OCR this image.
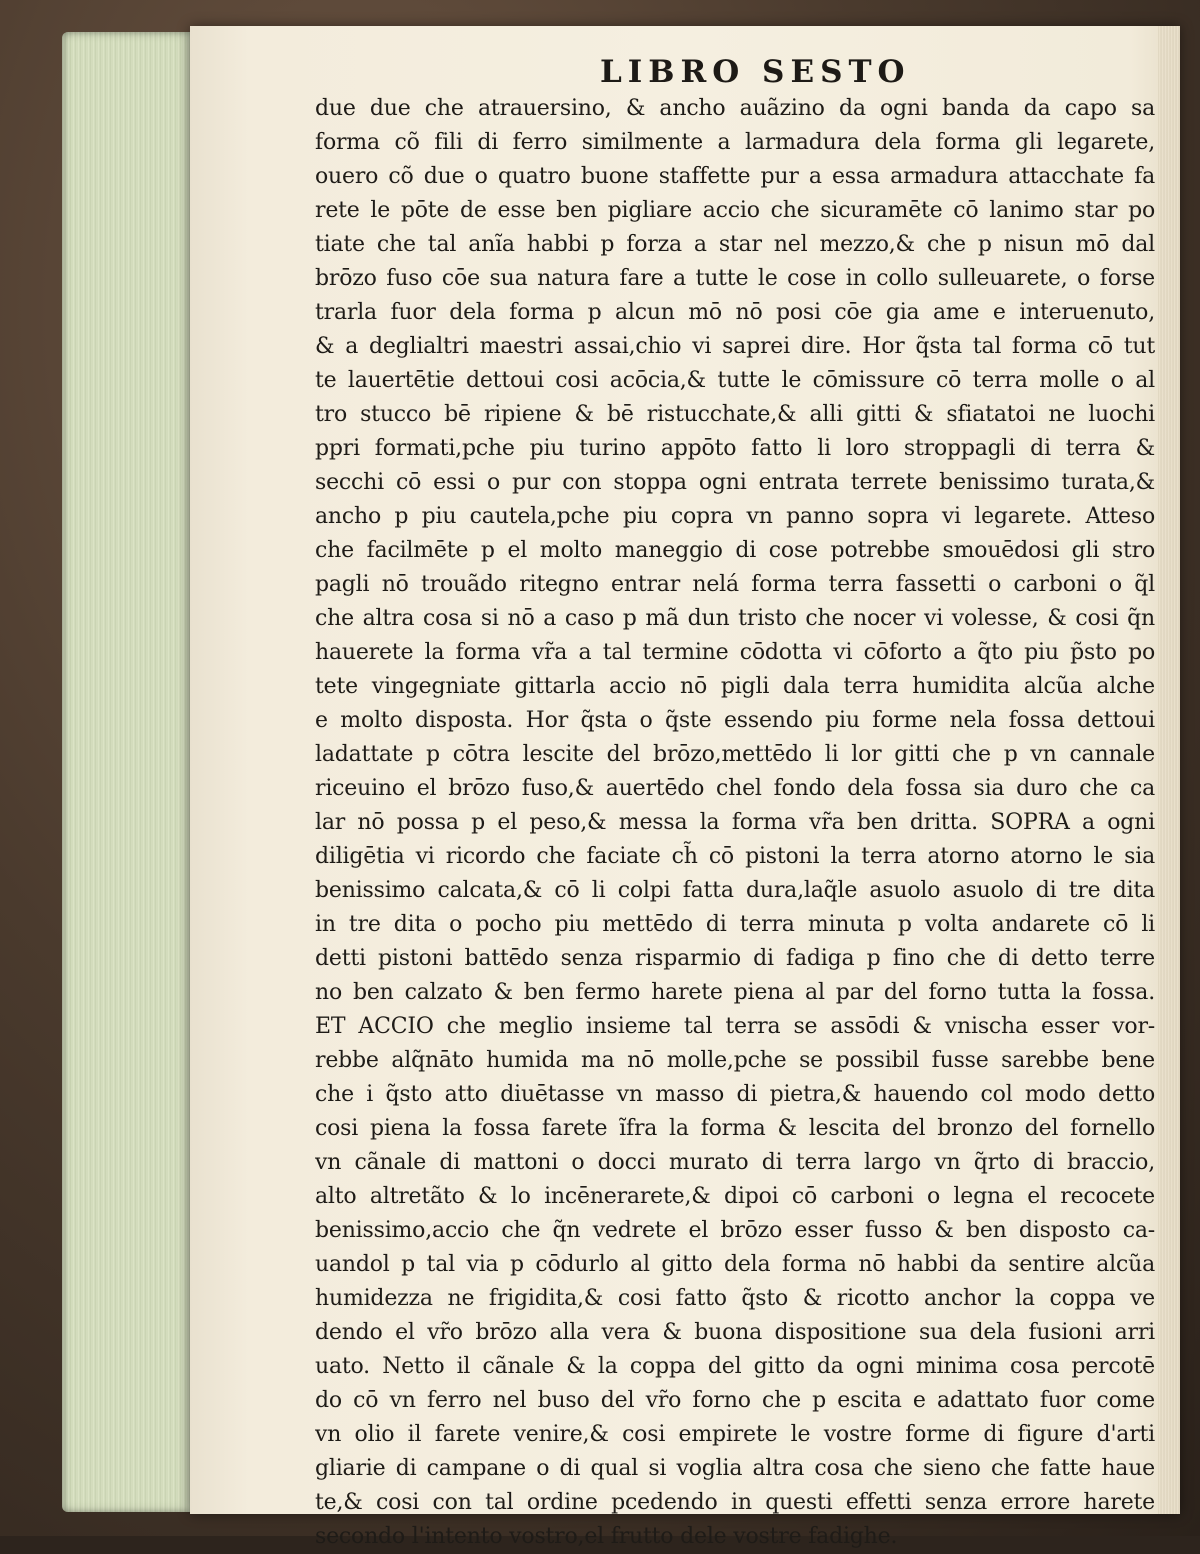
LIBRO SESTO
due due che atrauersino, & ancho auãzino da ogni banda da capo sa
forma cõ fili di ferro similmente a larmadura dela forma gli legarete,
ouero cõ due o quatro buone staffette pur a essa armadura attacchate fa
rete le pōte de esse ben pigliare accio che sicuramēte cō lanimo star po
tiate che tal anĩa habbi p forza a star nel mezzo,& che p nisun mō dal
brōzo fuso cōe sua natura fare a tutte le cose in collo sulleuarete, o forse
trarla fuor dela forma p alcun mō nō posi cōe gia ame e interuenuto,
& a deglialtri maestri assai,chio vi saprei dire. Hor q̃sta tal forma cō tut
te lauertētie dettoui cosi acōcia,& tutte le cōmissure cō terra molle o al
tro stucco bē ripiene & bē ristucchate,& alli gitti & sfiatatoi ne luochi
ppri formati,pche piu turino appōto fatto li loro stroppagli di terra &
secchi cō essi o pur con stoppa ogni entrata terrete benissimo turata,&
ancho p piu cautela,pche piu copra vn panno sopra vi legarete. Atteso
che facilmēte p el molto maneggio di cose potrebbe smouēdosi gli stro
pagli nō trouãdo ritegno entrar nelá forma terra fassetti o carboni o q̃l
che altra cosa si nō a caso p mã dun tristo che nocer vi volesse, & cosi q̃n
hauerete la forma vr̃a a tal termine cōdotta vi cōforto a q̃to piu p̃sto po
tete vingegniate gittarla accio nō pigli dala terra humidita alcũa alche
e molto disposta. Hor q̃sta o q̃ste essendo piu forme nela fossa dettoui
ladattate p cōtra lescite del brōzo,mettēdo li lor gitti che p vn cannale
riceuino el brōzo fuso,& auertēdo chel fondo dela fossa sia duro che ca
lar nō possa p el peso,& messa la forma vr̃a ben dritta. SOPRA a ogni
diligētia vi ricordo che faciate ch̃ cō pistoni la terra atorno atorno le sia
benissimo calcata,& cō li colpi fatta dura,laq̃le asuolo asuolo di tre dita
in tre dita o pocho piu mettēdo di terra minuta p volta andarete cō li
detti pistoni battēdo senza risparmio di fadiga p fino che di detto terre
no ben calzato & ben fermo harete piena al par del forno tutta la fossa.
ET ACCIO che meglio insieme tal terra se assōdi & vnischa esser vor-
rebbe alq̃nāto humida ma nō molle,pche se possibil fusse sarebbe bene
che i q̃sto atto diuētasse vn masso di pietra,& hauendo col modo detto
cosi piena la fossa farete ĩfra la forma & lescita del bronzo del fornello
vn cãnale di mattoni o docci murato di terra largo vn q̃rto di braccio,
alto altretãto & lo incēnerarete,& dipoi cō carboni o legna el recocete
benissimo,accio che q̃n vedrete el brōzo esser fusso & ben disposto ca-
uandol p tal via p cōdurlo al gitto dela forma nō habbi da sentire alcũa
humidezza ne frigidita,& cosi fatto q̃sto & ricotto anchor la coppa ve
dendo el vr̃o brōzo alla vera & buona dispositione sua dela fusioni arri
uato. Netto il cãnale & la coppa del gitto da ogni minima cosa percotē
do cō vn ferro nel buso del vr̃o forno che p escita e adattato fuor come
vn olio il farete venire,& cosi empirete le vostre forme di figure d'arti
gliarie di campane o di qual si voglia altra cosa che sieno che fatte haue
te,& cosi con tal ordine pcedendo in questi effetti senza errore harete
secondo l'intento vostro,el frutto dele vostre fadighe.
